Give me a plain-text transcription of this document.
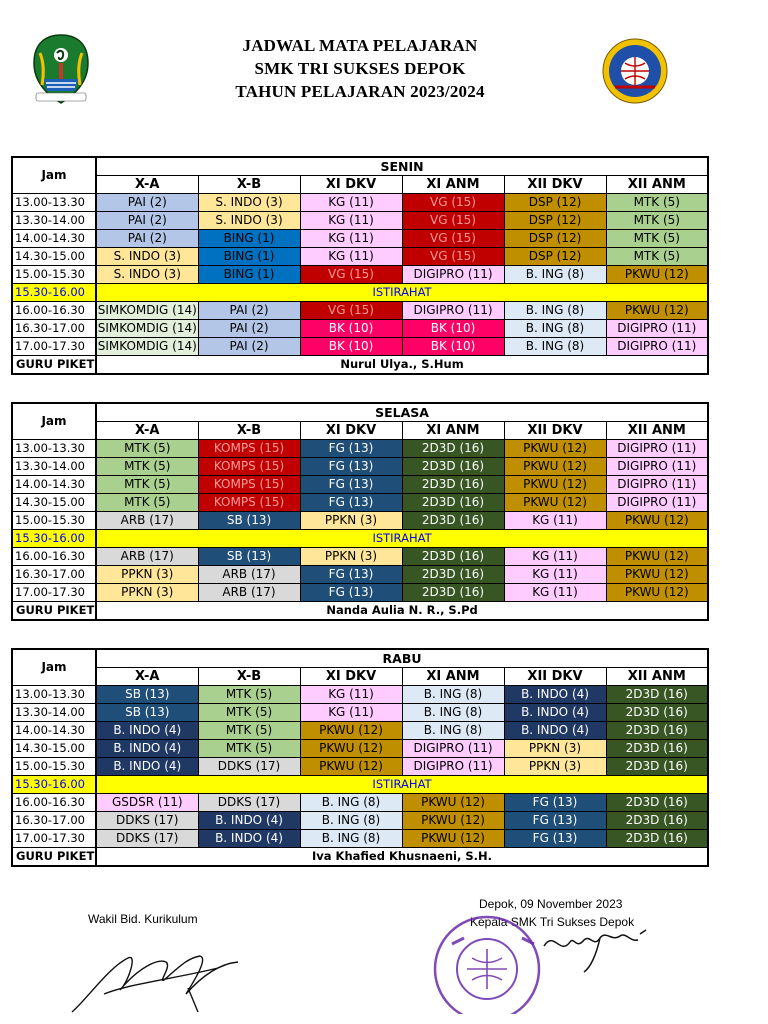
JADWAL MATA PELAJARAN
SMK TRI SUKSES DEPOK
TAHUN PELAJARAN 2023/2024
Jam	SENIN					
	X-A	X-B	XI DKV	XI ANM	XII DKV	XII ANM
13.00-13.30	PAI (2)	S. INDO (3)	KG (11)	VG (15)	DSP (12)	MTK (5)
13.30-14.00	PAI (2)	S. INDO (3)	KG (11)	VG (15)	DSP (12)	MTK (5)
14.00-14.30	PAI (2)	BING (1)	KG (11)	VG (15)	DSP (12)	MTK (5)
14.30-15.00	S. INDO (3)	BING (1)	KG (11)	VG (15)	DSP (12)	MTK (5)
15.00-15.30	S. INDO (3)	BING (1)	VG (15)	DIGIPRO (11)	B. ING (8)	PKWU (12)
15.30-16.00	ISTIRAHAT					
16.00-16.30	SIMKOMDIG (14)	PAI (2)	VG (15)	DIGIPRO (11)	B. ING (8)	PKWU (12)
16.30-17.00	SIMKOMDIG (14)	PAI (2)	BK (10)	BK (10)	B. ING (8)	DIGIPRO (11)
17.00-17.30	SIMKOMDIG (14)	PAI (2)	BK (10)	BK (10)	B. ING (8)	DIGIPRO (11)
GURU PIKET	Nurul Ulya., S.Hum					
Jam	SELASA					
	X-A	X-B	XI DKV	XI ANM	XII DKV	XII ANM
13.00-13.30	MTK (5)	KOMPS (15)	FG (13)	2D3D (16)	PKWU (12)	DIGIPRO (11)
13.30-14.00	MTK (5)	KOMPS (15)	FG (13)	2D3D (16)	PKWU (12)	DIGIPRO (11)
14.00-14.30	MTK (5)	KOMPS (15)	FG (13)	2D3D (16)	PKWU (12)	DIGIPRO (11)
14.30-15.00	MTK (5)	KOMPS (15)	FG (13)	2D3D (16)	PKWU (12)	DIGIPRO (11)
15.00-15.30	ARB (17)	SB (13)	PPKN (3)	2D3D (16)	KG (11)	PKWU (12)
15.30-16.00	ISTIRAHAT					
16.00-16.30	ARB (17)	SB (13)	PPKN (3)	2D3D (16)	KG (11)	PKWU (12)
16.30-17.00	PPKN (3)	ARB (17)	FG (13)	2D3D (16)	KG (11)	PKWU (12)
17.00-17.30	PPKN (3)	ARB (17)	FG (13)	2D3D (16)	KG (11)	PKWU (12)
GURU PIKET	Nanda Aulia N. R., S.Pd					
Jam	RABU					
	X-A	X-B	XI DKV	XI ANM	XII DKV	XII ANM
13.00-13.30	SB (13)	MTK (5)	KG (11)	B. ING (8)	B. INDO (4)	2D3D (16)
13.30-14.00	SB (13)	MTK (5)	KG (11)	B. ING (8)	B. INDO (4)	2D3D (16)
14.00-14.30	B. INDO (4)	MTK (5)	PKWU (12)	B. ING (8)	B. INDO (4)	2D3D (16)
14.30-15.00	B. INDO (4)	MTK (5)	PKWU (12)	DIGIPRO (11)	PPKN (3)	2D3D (16)
15.00-15.30	B. INDO (4)	DDKS (17)	PKWU (12)	DIGIPRO (11)	PPKN (3)	2D3D (16)
15.30-16.00	ISTIRAHAT					
16.00-16.30	GSDSR (11)	DDKS (17)	B. ING (8)	PKWU (12)	FG (13)	2D3D (16)
16.30-17.00	DDKS (17)	B. INDO (4)	B. ING (8)	PKWU (12)	FG (13)	2D3D (16)
17.00-17.30	DDKS (17)	B. INDO (4)	B. ING (8)	PKWU (12)	FG (13)	2D3D (16)
GURU PIKET	Iva Khafied Khusnaeni, S.H.					
Wakil Bid. Kurikulum
Depok, 09 November 2023
Kepala SMK Tri Sukses Depok
